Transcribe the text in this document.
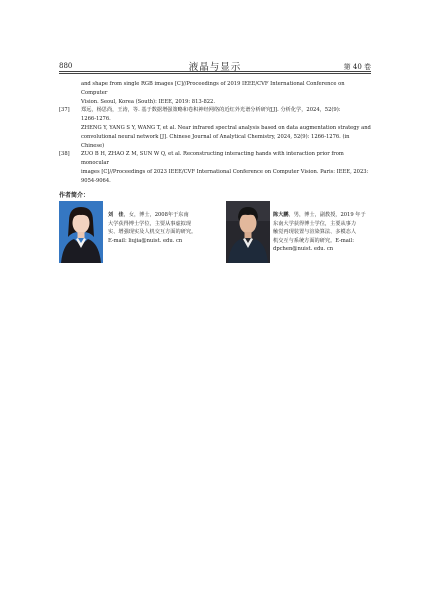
880	液晶与显示	第 40 卷

and shape from single RGB images [C]//Proceedings of 2019 IEEE/CVF International Conference on Computer

Vision. Seoul, Korea (South): IEEE, 2019: 813-822.

[37] 郑远，杨思尚，王涛，等. 基于数据增强策略和卷积神经网络的近红外光谱分析研究[J]. 分析化学，2024，52(9):

1266-1276.

ZHENG Y, YANG S Y, WANG T, et al. Near infrared spectral analysis based on data augmentation strategy and

convolutional neural network [J]. Chinese Journal of Analytical Chemistry, 2024, 52(9): 1266-1276. (in Chinese)

[38] ZUO B H, ZHAO Z M, SUN W Q, et al. Reconstructing interacting hands with interaction prior from monocular

images [C]//Proceedings of 2023 IEEE/CVF International Conference on Computer Vision. Paris: IEEE, 2023:

9054-9064.

作者简介：
刘　佳，女，博士，2008年于东南
大学获得博士学位，主要从事虚拟现
实、增强现实及人机交互方面的研究。
E-mail: liujia@nuist. edu. cn
陈大鹏，男，博士，副教授，2019 年于
东南大学获得博士学位，主要从事力
触觉再现装置与渲染算法、多模态人
机交互与系统方面的研究。E-mail:
dpchen@nuist. edu. cn
